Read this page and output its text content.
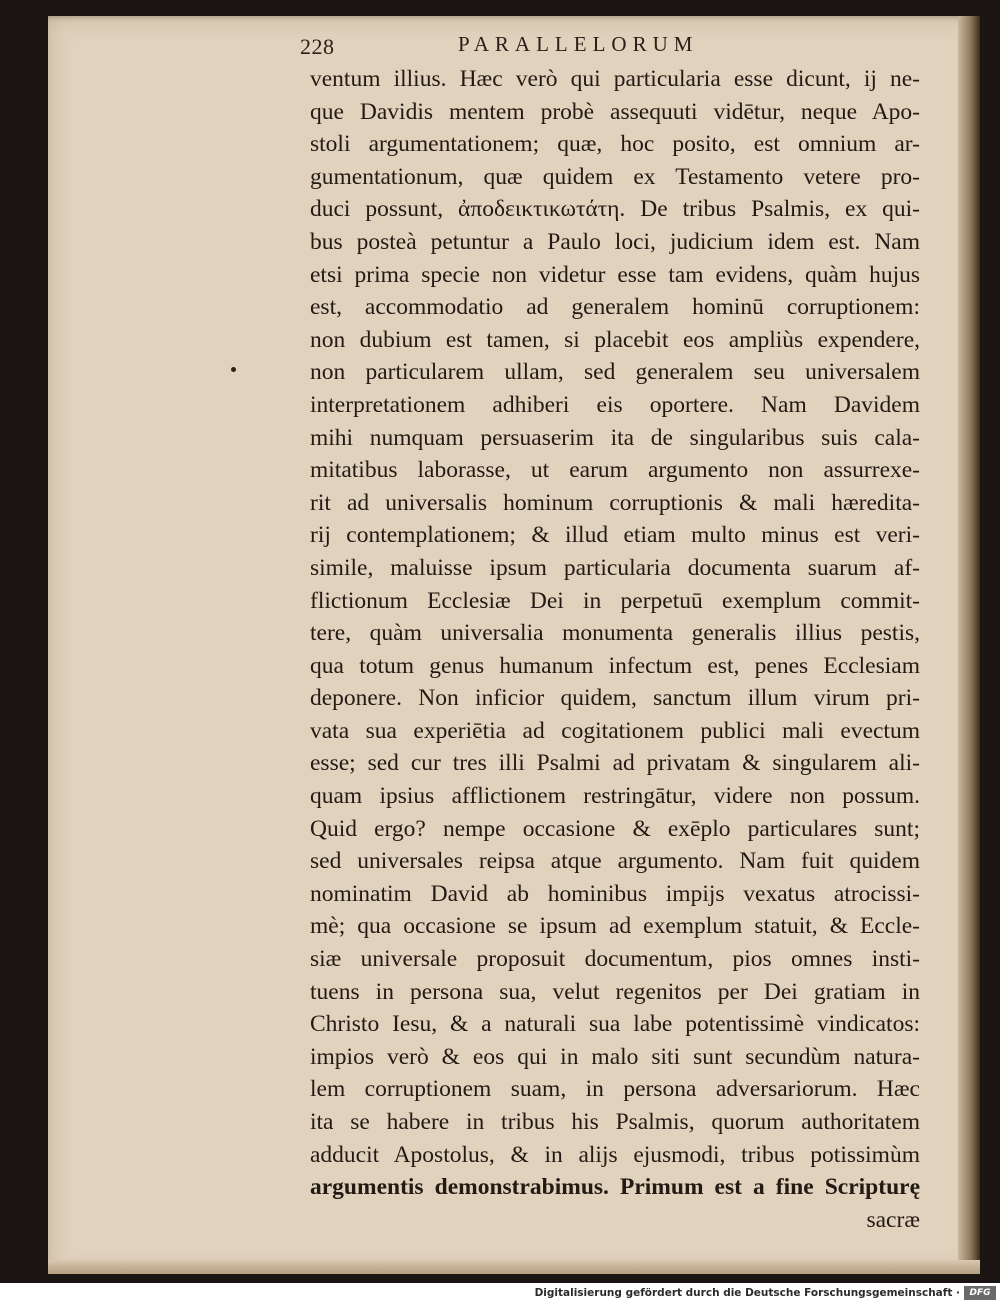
228	PARALLELORUM
ventum illius. Hæc verò qui particularia esse dicunt, ij ne-
que Davidis mentem probè assequuti vidētur, neque Apo-
stoli argumentationem; quæ, hoc posito, est omnium ar-
gumentationum, quæ quidem ex Testamento vetere pro-
duci possunt, ἀποδεικτικωτάτη. De tribus Psalmis, ex qui-
bus posteà petuntur a Paulo loci, judicium idem est. Nam
etsi prima specie non videtur esse tam evidens, quàm hujus
est, accommodatio ad generalem hominū corruptionem:
non dubium est tamen, si placebit eos ampliùs expendere,
non particularem ullam, sed generalem seu universalem
interpretationem adhiberi eis oportere. Nam Davidem
mihi numquam persuaserim ita de singularibus suis cala-
mitatibus laborasse, ut earum argumento non assurrexe-
rit ad universalis hominum corruptionis & mali hæredita-
rij contemplationem; & illud etiam multo minus est veri-
simile, maluisse ipsum particularia documenta suarum af-
flictionum Ecclesiæ Dei in perpetuū exemplum commit-
tere, quàm universalia monumenta generalis illius pestis,
qua totum genus humanum infectum est, penes Ecclesiam
deponere. Non inficior quidem, sanctum illum virum pri-
vata sua experiētia ad cogitationem publici mali evectum
esse; sed cur tres illi Psalmi ad privatam & singularem ali-
quam ipsius afflictionem restringātur, videre non possum.
Quid ergo? nempe occasione & exēplo particulares sunt;
sed universales reipsa atque argumento. Nam fuit quidem
nominatim David ab hominibus impijs vexatus atrocissi-
mè; qua occasione se ipsum ad exemplum statuit, & Eccle-
siæ universale proposuit documentum, pios omnes insti-
tuens in persona sua, velut regenitos per Dei gratiam in
Christo Iesu, & a naturali sua labe potentissimè vindicatos:
impios verò & eos qui in malo siti sunt secundùm natura-
lem corruptionem suam, in persona adversariorum. Hæc
ita se habere in tribus his Psalmis, quorum authoritatem
adducit Apostolus, & in alijs ejusmodi, tribus potissimùm
argumentis demonstrabimus. Primum est a fine Scripturę
sacræ
Digitalisierung gefördert durch die Deutsche Forschungsgemeinschaft ·	DFG
